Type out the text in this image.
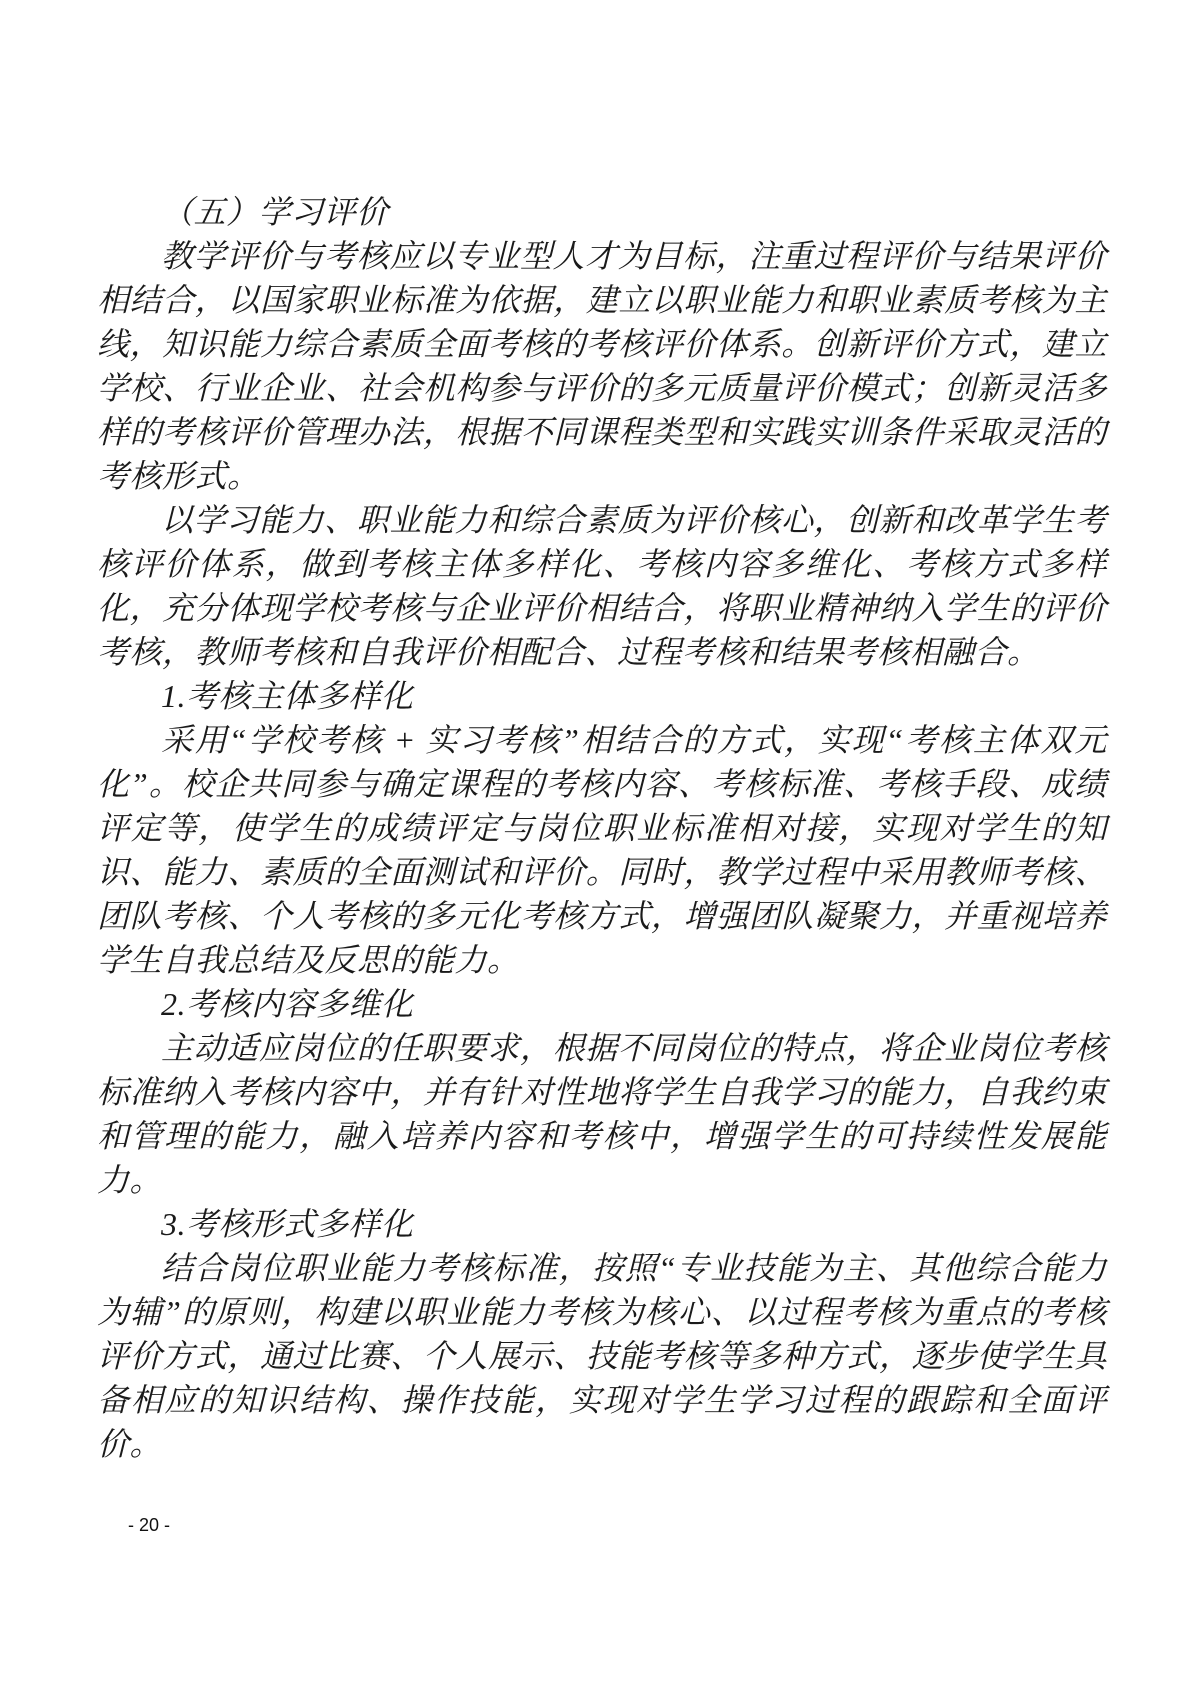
（五）学习评价

教学评价与考核应以专业型人才为目标，注重过程评价与结果评价相结合，以国家职业标准为依据，建立以职业能力和职业素质考核为主线，知识能力综合素质全面考核的考核评价体系。创新评价方式，建立学校、行业企业、社会机构参与评价的多元质量评价模式；创新灵活多样的考核评价管理办法，根据不同课程类型和实践实训条件采取灵活的考核形式。

以学习能力、职业能力和综合素质为评价核心，创新和改革学生考核评价体系，做到考核主体多样化、考核内容多维化、考核方式多样化，充分体现学校考核与企业评价相结合，将职业精神纳入学生的评价考核，教师考核和自我评价相配合、过程考核和结果考核相融合。

1.考核主体多样化

采用“学校考核 + 实习考核”相结合的方式，实现“考核主体双元化”。校企共同参与确定课程的考核内容、考核标准、考核手段、成绩评定等，使学生的成绩评定与岗位职业标准相对接，实现对学生的知识、能力、素质的全面测试和评价。同时，教学过程中采用教师考核、团队考核、个人考核的多元化考核方式，增强团队凝聚力，并重视培养学生自我总结及反思的能力。

2.考核内容多维化

主动适应岗位的任职要求，根据不同岗位的特点，将企业岗位考核标准纳入考核内容中，并有针对性地将学生自我学习的能力，自我约束和管理的能力，融入培养内容和考核中，增强学生的可持续性发展能力。

3.考核形式多样化

结合岗位职业能力考核标准，按照“专业技能为主、其他综合能力为辅”的原则，构建以职业能力考核为核心、以过程考核为重点的考核评价方式，通过比赛、个人展示、技能考核等多种方式，逐步使学生具备相应的知识结构、操作技能，实现对学生学习过程的跟踪和全面评价。

- 20 -
